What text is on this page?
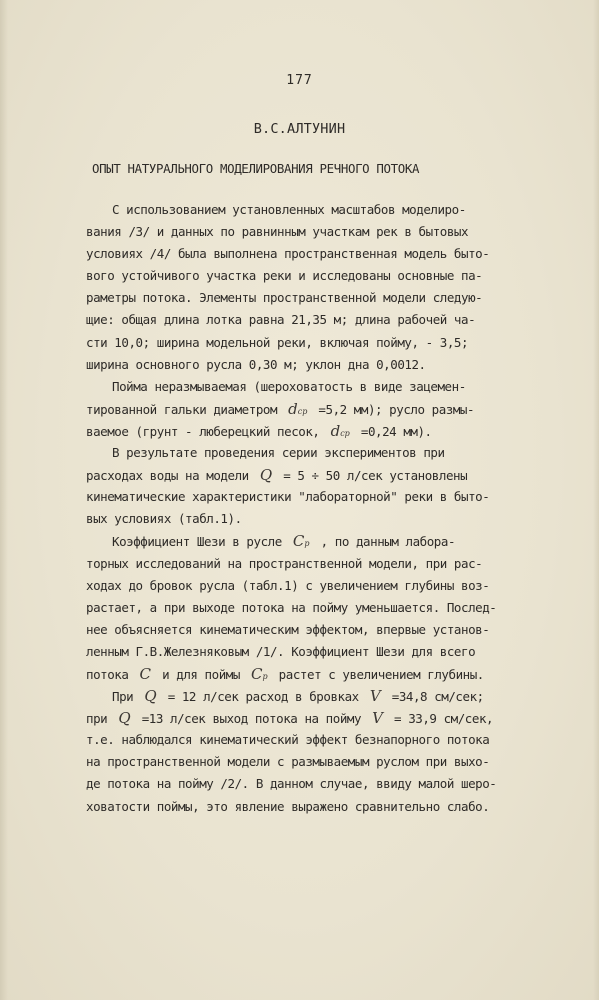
177
В.С.АЛТУНИН
ОПЫТ НАТУРАЛЬНОГО МОДЕЛИРОВАНИЯ РЕЧНОГО ПОТОКА
С использованием установленных масштабов моделиро-
вания /3/ и данных по равнинным участкам рек в бытовых
условиях /4/ была выполнена пространственная модель быто-
вого устойчивого участка реки и исследованы основные па-
раметры потока. Элементы пространственной модели следую-
щие: общая длина лотка равна 21,35 м; длина рабочей ча-
сти 10,0; ширина модельной реки, включая пойму, - 3,5;
ширина основного русла 0,30 м; уклон дна 0,0012.
Пойма неразмываемая (шероховатость в виде зацемен-
тированной гальки диаметром dср =5,2 мм); русло размы-
ваемое (грунт - люберецкий песок, dср =0,24 мм).
В результате проведения серии экспериментов при
расходах воды на модели Q = 5 ÷ 50 л/сек установлены
кинематические характеристики "лабораторной" реки в быто-
вых условиях (табл.1).
Коэффициент Шези в русле Cр , по данным лабора-
торных исследований на пространственной модели, при рас-
ходах до бровок русла (табл.1) с увеличением глубины воз-
растает, а при выходе потока на пойму уменьшается. Послед-
нее объясняется кинематическим эффектом, впервые установ-
ленным Г.В.Железняковым /1/. Коэффициент Шези для всего
потока C и для поймы Cр растет с увеличением глубины.
При Q = 12 л/сек расход в бровках V =34,8 см/сек;
при Q =13 л/сек выход потока на пойму V = 33,9 см/сек,
т.е. наблюдался кинематический эффект безнапорного потока
на пространственной модели с размываемым руслом при выхо-
де потока на пойму /2/. В данном случае, ввиду малой шеро-
ховатости поймы, это явление выражено сравнительно слабо.
